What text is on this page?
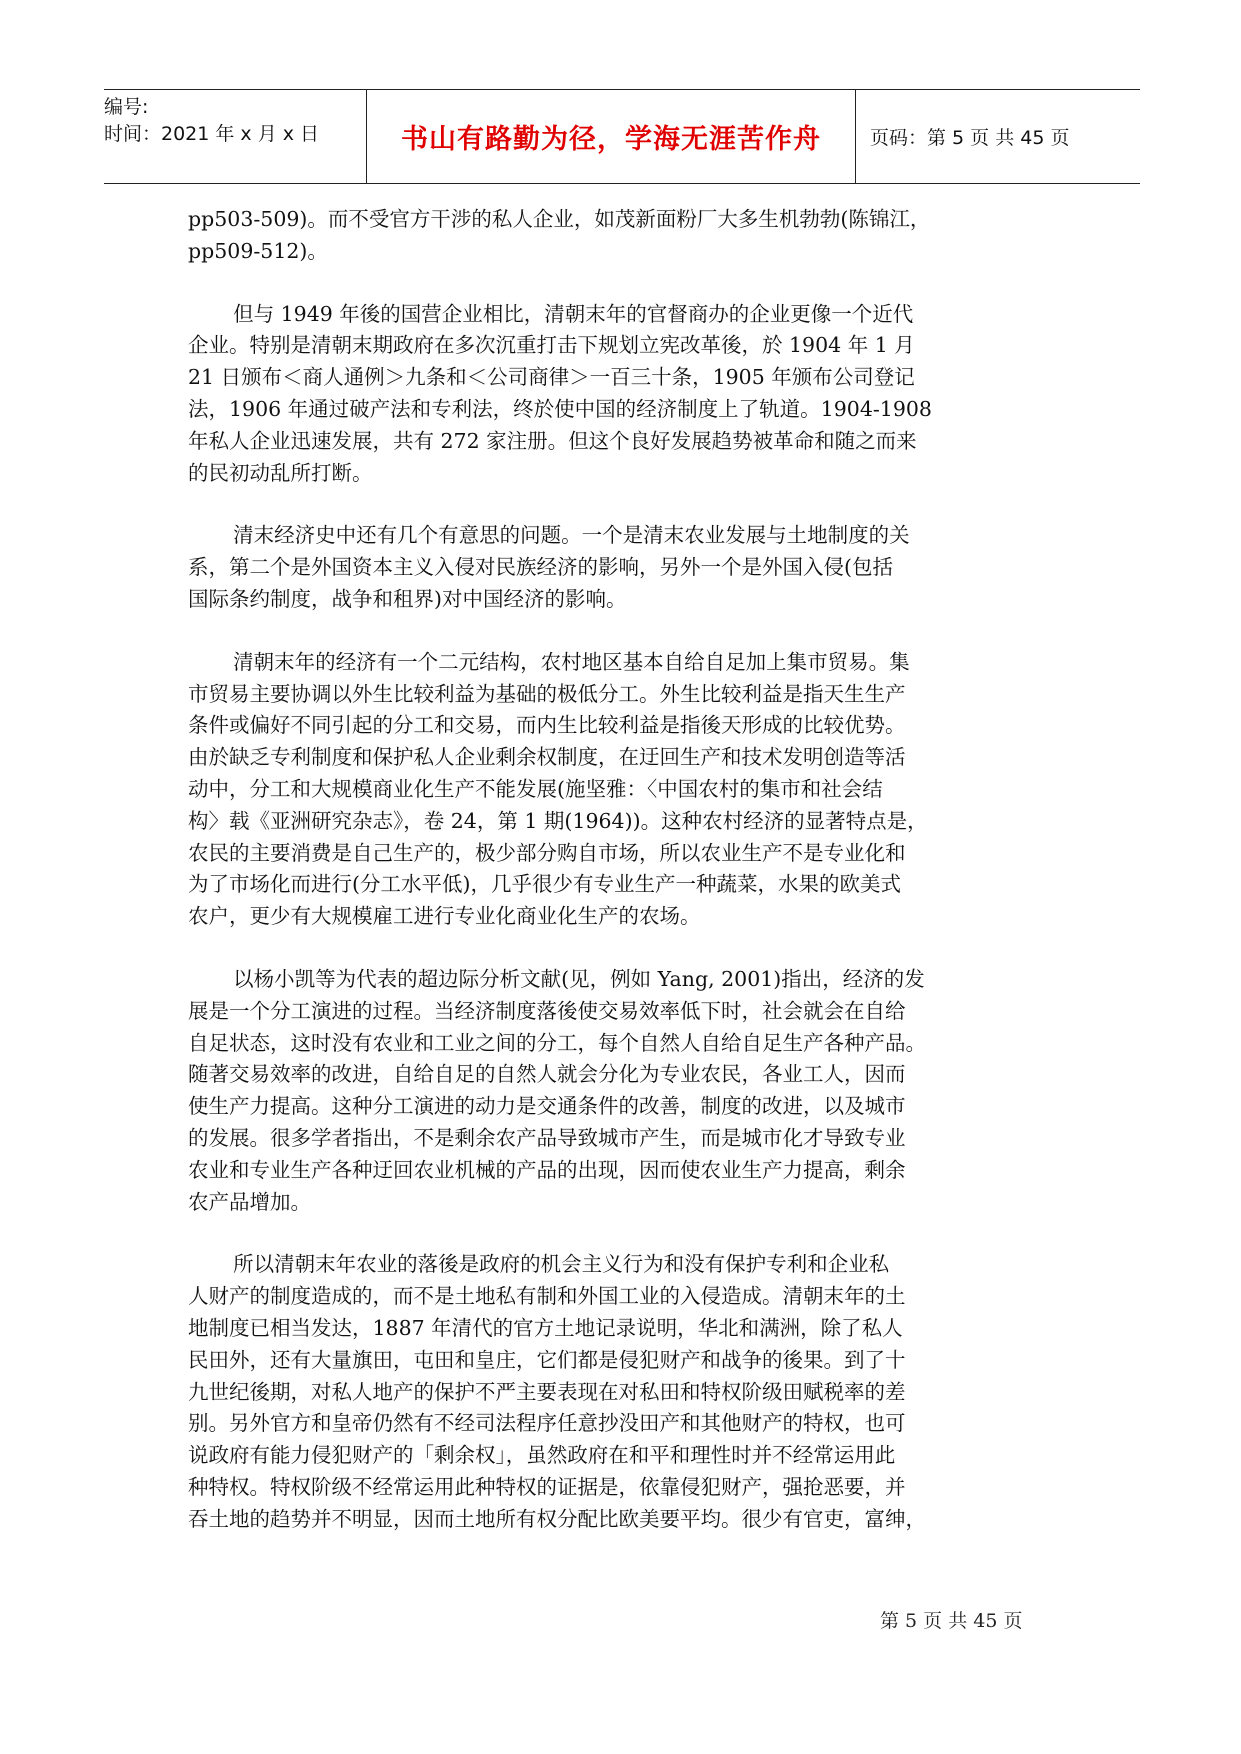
编号:
时间：2021 年 x 月 x 日	书山有路勤为径，学海无涯苦作舟	页码：第 5 页 共 45 页
pp503-509)。而不受官方干涉的私人企业，如茂新面粉厂大多生机勃勃(陈锦江，
pp509-512)。
但与 1949 年後的国营企业相比，清朝末年的官督商办的企业更像一个近代
企业。特别是清朝末期政府在多次沉重打击下规划立宪改革後，於 1904 年 1 月
21 日颁布＜商人通例＞九条和＜公司商律＞一百三十条，1905 年颁布公司登记
法，1906 年通过破产法和专利法，终於使中国的经济制度上了轨道。1904-1908
年私人企业迅速发展，共有 272 家注册。但这个良好发展趋势被革命和随之而来
的民初动乱所打断。
清末经济史中还有几个有意思的问题。一个是清末农业发展与土地制度的关
系，第二个是外国资本主义入侵对民族经济的影响，另外一个是外国入侵(包括
国际条约制度，战争和租界)对中国经济的影响。
清朝末年的经济有一个二元结构，农村地区基本自给自足加上集市贸易。集
市贸易主要协调以外生比较利益为基础的极低分工。外生比较利益是指天生生产
条件或偏好不同引起的分工和交易，而内生比较利益是指後天形成的比较优势。
由於缺乏专利制度和保护私人企业剩余权制度，在迂回生产和技术发明创造等活
动中，分工和大规模商业化生产不能发展(施坚雅：〈中国农村的集市和社会结
构〉载《亚洲研究杂志》，卷 24，第 1 期(1964))。这种农村经济的显著特点是，
农民的主要消费是自己生产的，极少部分购自市场，所以农业生产不是专业化和
为了市场化而进行(分工水平低)，几乎很少有专业生产一种蔬菜，水果的欧美式
农户，更少有大规模雇工进行专业化商业化生产的农场。
以杨小凯等为代表的超边际分析文献(见，例如 Yang, 2001)指出，经济的发
展是一个分工演进的过程。当经济制度落後使交易效率低下时，社会就会在自给
自足状态，这时没有农业和工业之间的分工，每个自然人自给自足生产各种产品。
随著交易效率的改进，自给自足的自然人就会分化为专业农民，各业工人，因而
使生产力提高。这种分工演进的动力是交通条件的改善，制度的改进，以及城市
的发展。很多学者指出，不是剩余农产品导致城市产生，而是城市化才导致专业
农业和专业生产各种迂回农业机械的产品的出现，因而使农业生产力提高，剩余
农产品增加。
所以清朝末年农业的落後是政府的机会主义行为和没有保护专利和企业私
人财产的制度造成的，而不是土地私有制和外国工业的入侵造成。清朝末年的土
地制度已相当发达，1887 年清代的官方土地记录说明，华北和满洲，除了私人
民田外，还有大量旗田，屯田和皇庄，它们都是侵犯财产和战争的後果。到了十
九世纪後期，对私人地产的保护不严主要表现在对私田和特权阶级田赋税率的差
别。另外官方和皇帝仍然有不经司法程序任意抄没田产和其他财产的特权，也可
说政府有能力侵犯财产的「剩余权」，虽然政府在和平和理性时并不经常运用此
种特权。特权阶级不经常运用此种特权的证据是，依靠侵犯财产，强抢恶要，并
吞土地的趋势并不明显，因而土地所有权分配比欧美要平均。很少有官吏，富绅，
第 5 页 共 45 页
